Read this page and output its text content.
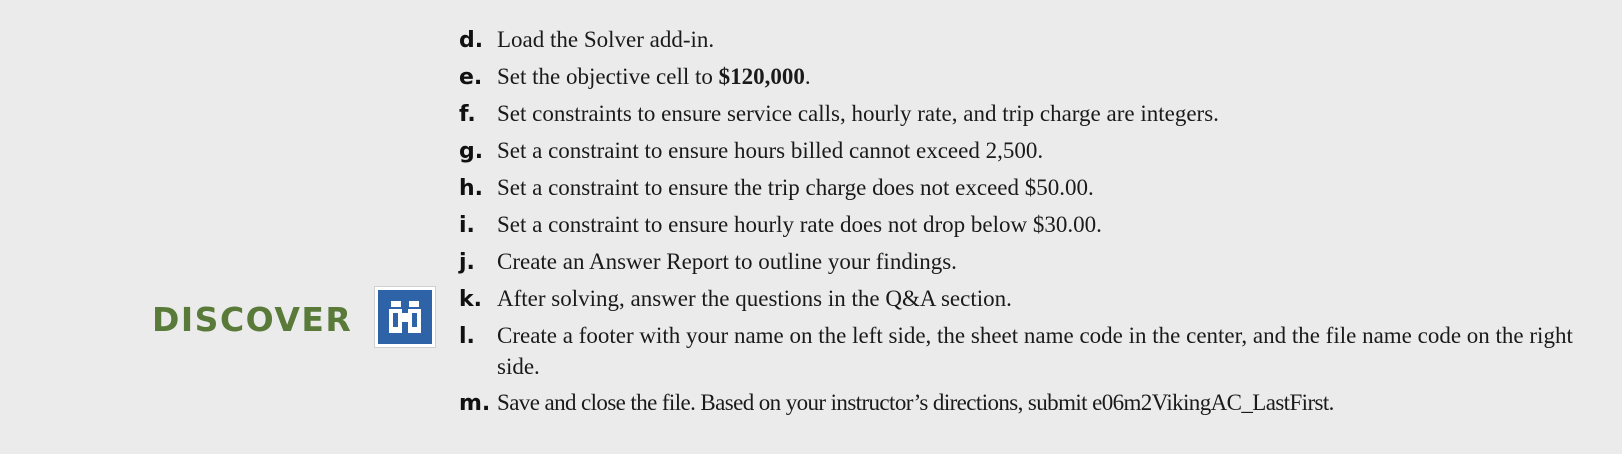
DISCOVER
d. Load the Solver add-in.
e. Set the objective cell to $120,000.
f. Set constraints to ensure service calls, hourly rate, and trip charge are integers.
g. Set a constraint to ensure hours billed cannot exceed 2,500.
h. Set a constraint to ensure the trip charge does not exceed $50.00.
i. Set a constraint to ensure hourly rate does not drop below $30.00.
j. Create an Answer Report to outline your findings.
k. After solving, answer the questions in the Q&A section.
l. Create a footer with your name on the left side, the sheet name code in the center, and the file name code on the right side.
m. Save and close the file. Based on your instructor’s directions, submit e06m2VikingAC_LastFirst.
